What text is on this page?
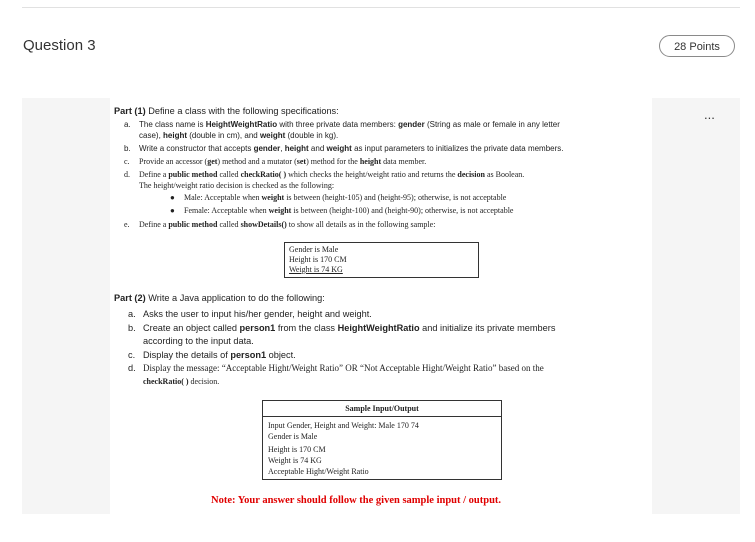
Question 3	28 Points
...
Part (1) Define a class with the following specifications:
a. The class name is HeightWeightRatio with three private data members: gender (String as male or female in any letter
case), height (double in cm), and weight (double in kg).
b. Write a constructor that accepts gender, height and weight as input parameters to initializes the private data members.
c. Provide an accessor (get) method and a mutator (set) method for the height data member.
d. Define a public method called checkRatio( ) which checks the height/weight ratio and returns the decision as Boolean.
The height/weight ratio decision is checked as the following:
● Male: Acceptable when weight is between (height-105) and (height-95); otherwise, is not acceptable
● Female: Acceptable when weight is between (height-100) and (height-90); otherwise, is not acceptable
e. Define a public method called showDetails() to show all details as in the following sample:
Gender is Male
Height is 170 CM
Weight is 74 KG
Part (2) Write a Java application to do the following:
a. Asks the user to input his/her gender, height and weight.
b. Create an object called person1 from the class HeightWeightRatio and initialize its private members
according to the input data.
c. Display the details of person1 object.
d. Display the message: “Acceptable Hight/Weight Ratio” OR “Not Acceptable Hight/Weight Ratio” based on the
checkRatio( ) decision.
Sample Input/Output
Input Gender, Height and Weight: Male 170 74
Gender is Male
Height is 170 CM
Weight is 74 KG
Acceptable Hight/Weight Ratio
Note: Your answer should follow the given sample input / output.
